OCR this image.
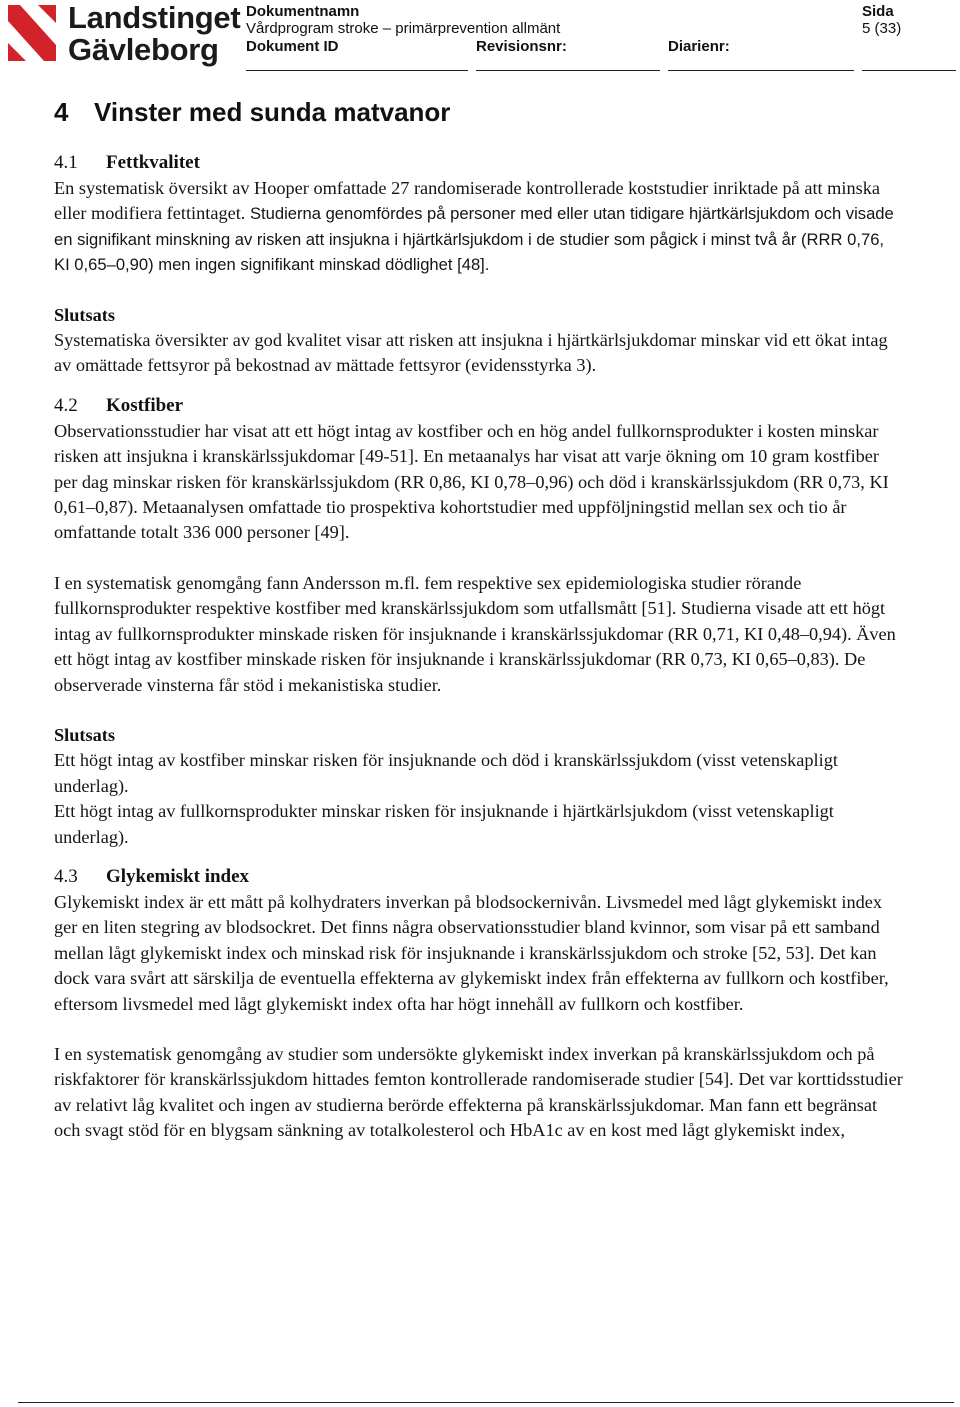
Landstinget
Gävleborg
Dokumentnamn
Vårdprogram stroke – primärprevention allmänt
Dokument ID	Revisionsnr:	Diarienr:
Sida
5 (33)
4 Vinster med sunda matvanor
4.1 Fettkvalitet

En systematisk översikt av Hooper omfattade 27 randomiserade kontrollerade koststudier inriktade på att minska eller modifiera fettintaget. Studierna genomfördes på personer med eller utan tidigare hjärtkärlsjukdom och visade en signifikant minskning av risken att insjukna i hjärtkärlsjukdom i de studier som pågick i minst två år (RRR 0,76, KI 0,65–0,90) men ingen signifikant minskad dödlighet [48].

Slutsats

Systematiska översikter av god kvalitet visar att risken att insjukna i hjärtkärlsjukdomar minskar vid ett ökat intag av omättade fettsyror på bekostnad av mättade fettsyror (evidensstyrka 3).

4.2 Kostfiber

Observationsstudier har visat att ett högt intag av kostfiber och en hög andel fullkornsprodukter i kosten minskar risken att insjukna i kranskärlssjukdomar [49-51]. En metaanalys har visat att varje ökning om 10 gram kostfiber per dag minskar risken för kranskärlssjukdom (RR 0,86, KI 0,78–0,96) och död i kranskärlssjukdom (RR 0,73, KI 0,61–0,87). Metaanalysen omfattade tio prospektiva kohortstudier med uppföljningstid mellan sex och tio år omfattande totalt 336 000 personer [49].

I en systematisk genomgång fann Andersson m.fl. fem respektive sex epidemiologiska studier rörande fullkornsprodukter respektive kostfiber med kranskärlssjukdom som utfallsmått [51]. Studierna visade att ett högt intag av fullkornsprodukter minskade risken för insjuknande i kranskärlssjukdomar (RR 0,71, KI 0,48–0,94). Även ett högt intag av kostfiber minskade risken för insjuknande i kranskärlssjukdomar (RR 0,73, KI 0,65–0,83). De observerade vinsterna får stöd i mekanistiska studier.

Slutsats

Ett högt intag av kostfiber minskar risken för insjuknande och död i kranskärlssjukdom (visst vetenskapligt underlag).

Ett högt intag av fullkornsprodukter minskar risken för insjuknande i hjärtkärlsjukdom (visst vetenskapligt underlag).

4.3 Glykemiskt index

Glykemiskt index är ett mått på kolhydraters inverkan på blodsockernivån. Livsmedel med lågt glykemiskt index ger en liten stegring av blodsockret. Det finns några observationsstudier bland kvinnor, som visar på ett samband mellan lågt glykemiskt index och minskad risk för insjuknande i kranskärlssjukdom och stroke [52, 53]. Det kan dock vara svårt att särskilja de eventuella effekterna av glykemiskt index från effekterna av fullkorn och kostfiber, eftersom livsmedel med lågt glykemiskt index ofta har högt innehåll av fullkorn och kostfiber.

I en systematisk genomgång av studier som undersökte glykemiskt index inverkan på kranskärlssjukdom och på riskfaktorer för kranskärlssjukdom hittades femton kontrollerade randomiserade studier [54]. Det var korttidsstudier av relativt låg kvalitet och ingen av studierna berörde effekterna på kranskärlssjukdomar. Man fann ett begränsat och svagt stöd för en blygsam sänkning av totalkolesterol och HbA1c av en kost med lågt glykemiskt index,
